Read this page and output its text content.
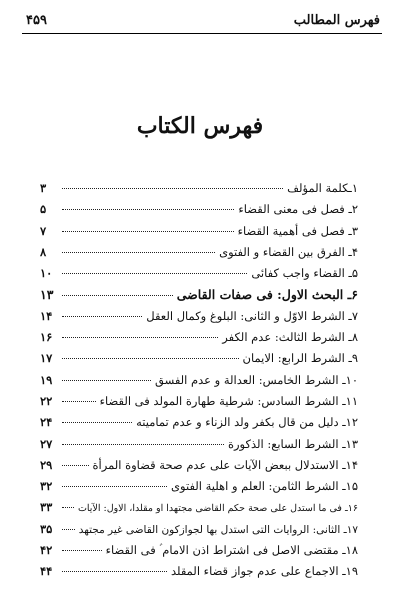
فهرس المطالب
۴۵۹
فهرس الكتاب
۱ـكلمة المؤلف
۳
۲ـ فصل فى معنى القضاء
۵
۳ـ فصل فى أهمية القضاء
۷
۴ـ الفرق بين القضاء و الفتوى
۸
۵ـ القضاء واجب كفائى
۱۰
۶ـ البحث الاول: فى صفات القاضى
۱۳
۷ـ الشرط الاوّل و الثانى: البلوغ وكمال العقل
۱۴
۸ـ الشرط الثالث: عدم الكفر
۱۶
۹ـ الشرط الرابع: الايمان
۱۷
۱۰ـ الشرط الخامس: العدالة و عدم الفسق
۱۹
۱۱ـ الشرط السادس: شرطية طهارة المولد فى القضاء
۲۲
۱۲ـ دليل من قال بكفر ولد الزناء و عدم تماميته
۲۴
۱۳ـ الشرط السابع: الذكورة
۲۷
۱۴ـ الاستدلال ببعض الآيات على عدم صحة قضاوة المرأة
۲۹
۱۵ـ الشرط الثامن: العلم و اهلية الفتوى
۳۲
۱۶ـ فى ما استدل على صحة حكم القاضى مجتهدا او مقلدا، الاول: الآيات
۳۳
۱۷ـ الثانى: الروايات التى استدل بها لجوازكون القاضى غير مجتهد
۳۵
۱۸ـ مقتضى الاصل فى اشتراط اذن الامام ؑ فى القضاء
۴۲
۱۹ـ الاجماع على عدم جواز قضاء المقلد
۴۴
